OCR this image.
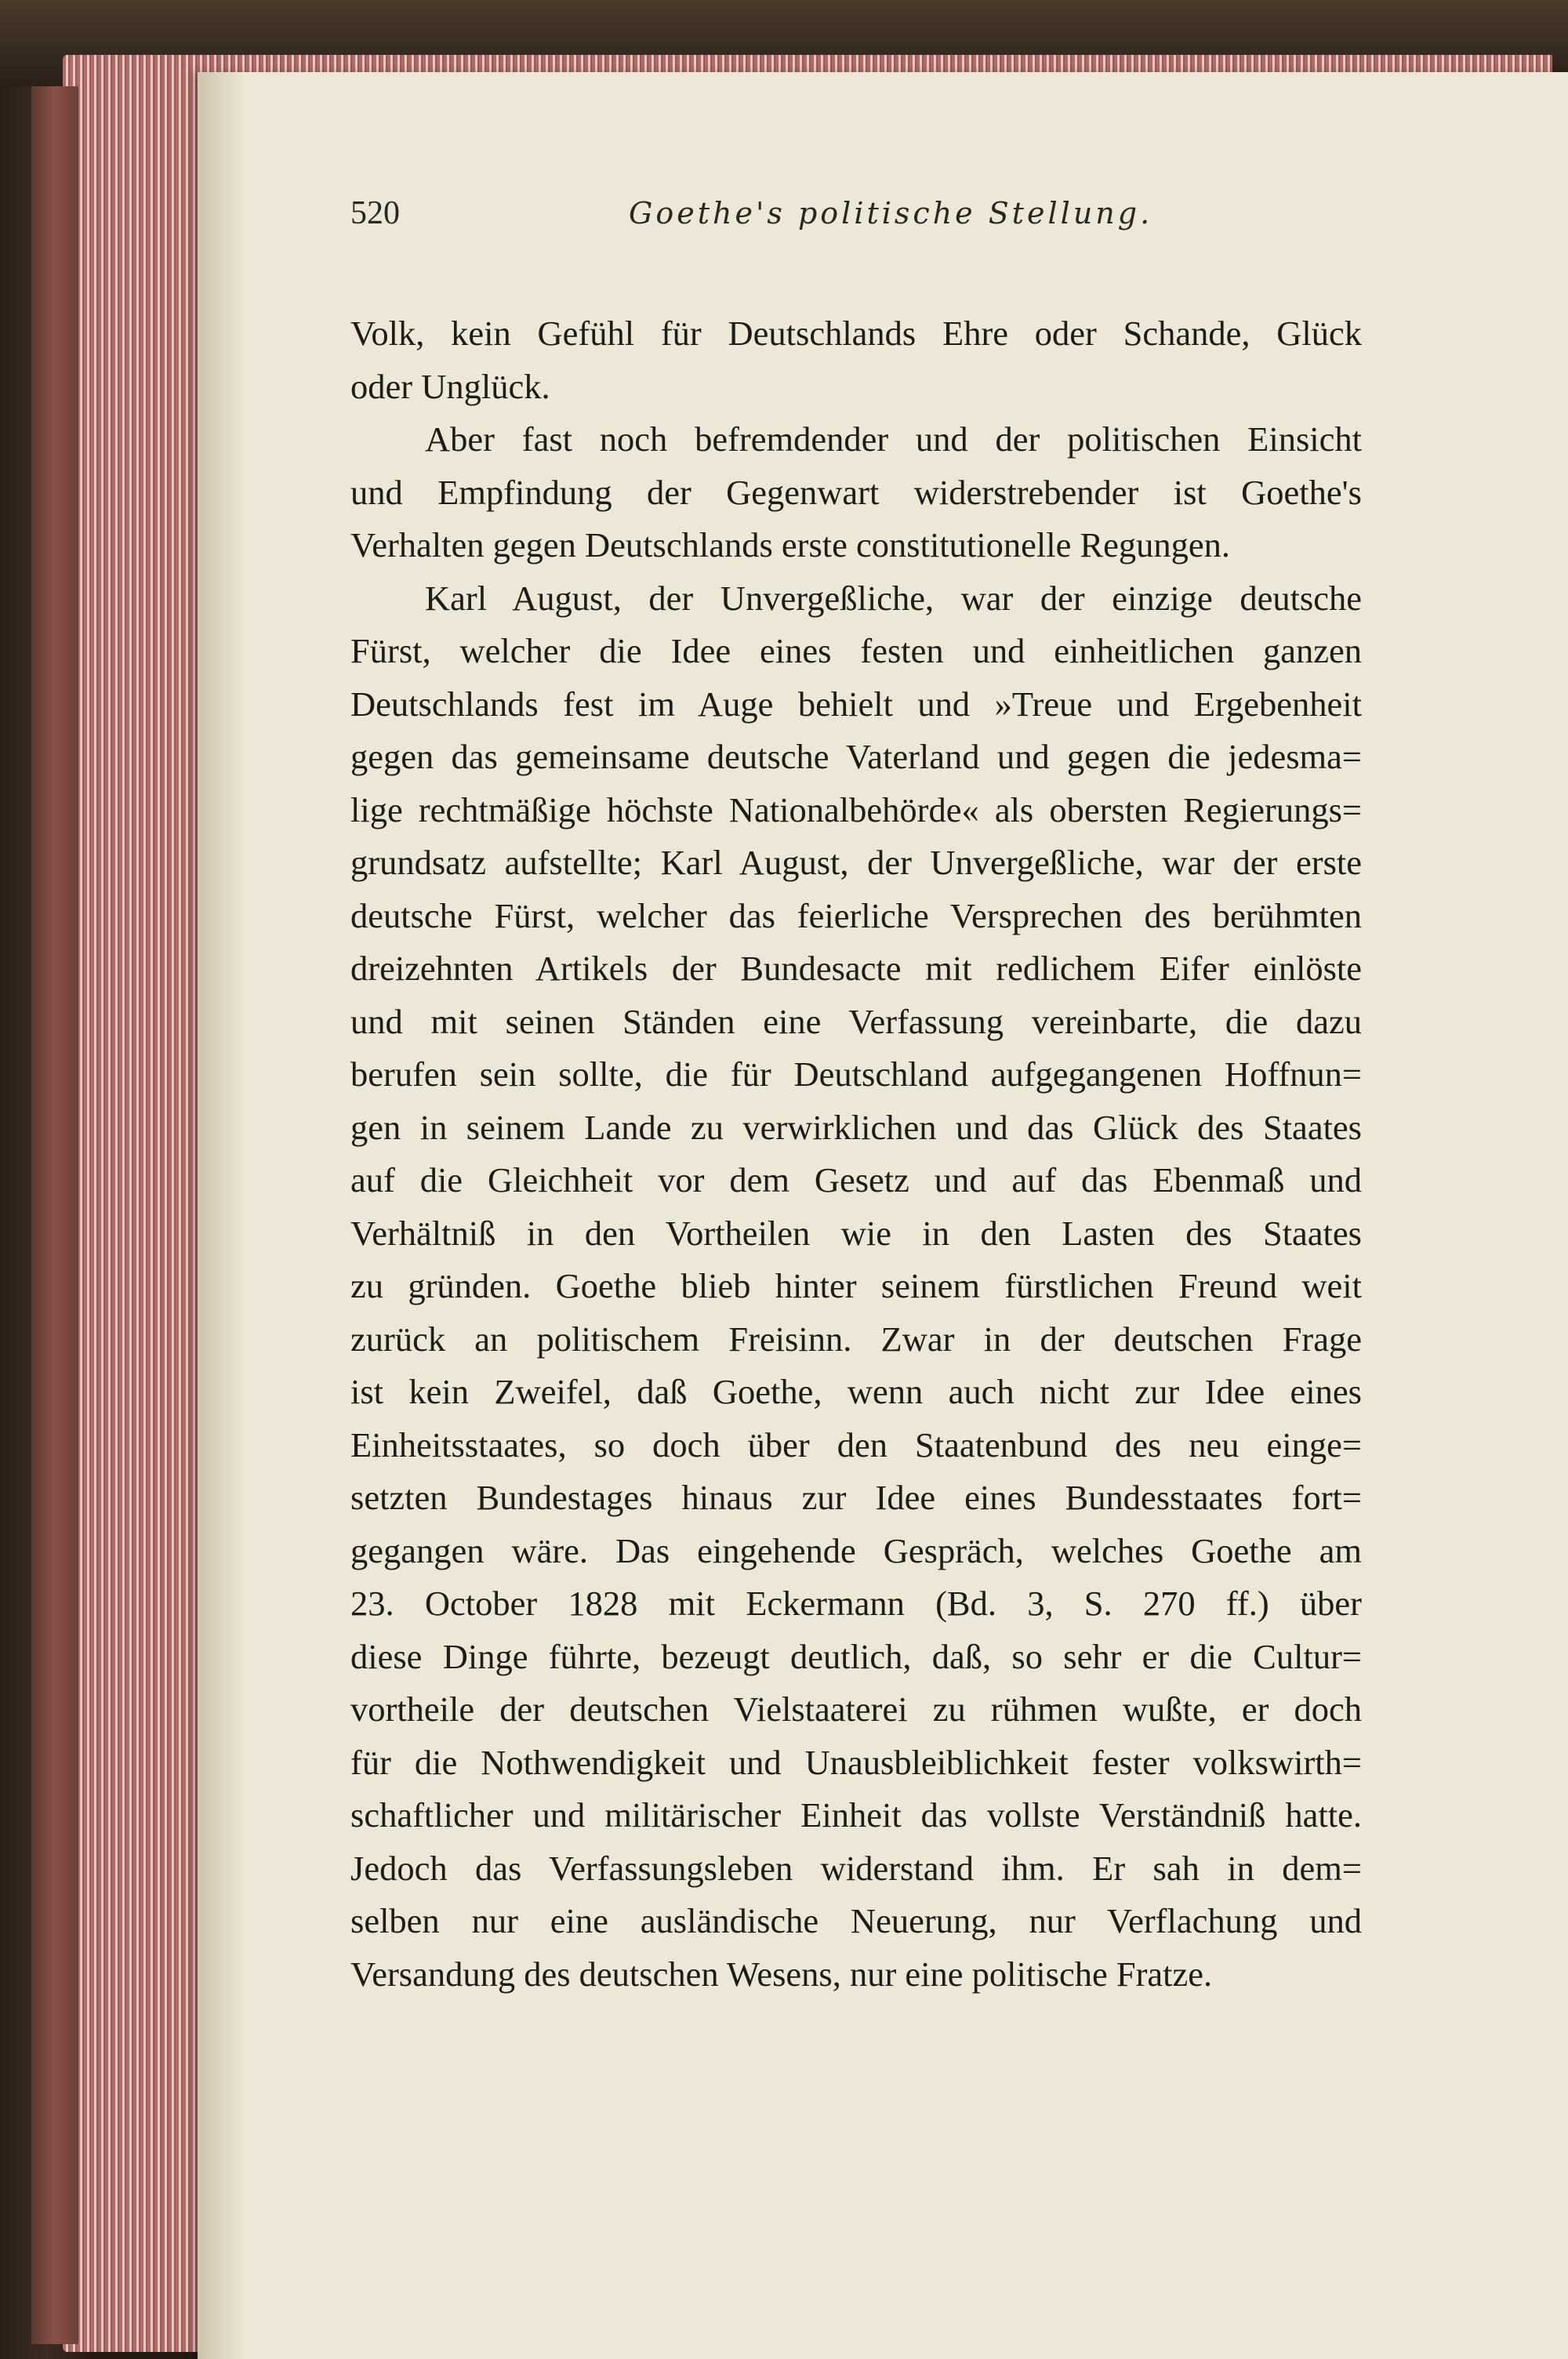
520	Goethe's politische Stellung.
Volk, kein Gefühl für Deutschlands Ehre oder Schande, Glück
oder Unglück.
Aber fast noch befremdender und der politischen Einsicht
und Empfindung der Gegenwart widerstrebender ist Goethe's
Verhalten gegen Deutschlands erste constitutionelle Regungen.
Karl August, der Unvergeßliche, war der einzige deutsche
Fürst, welcher die Idee eines festen und einheitlichen ganzen
Deutschlands fest im Auge behielt und »Treue und Ergebenheit
gegen das gemeinsame deutsche Vaterland und gegen die jedesma=
lige rechtmäßige höchste Nationalbehörde« als obersten Regierungs=
grundsatz aufstellte; Karl August, der Unvergeßliche, war der erste
deutsche Fürst, welcher das feierliche Versprechen des berühmten
dreizehnten Artikels der Bundesacte mit redlichem Eifer einlöste
und mit seinen Ständen eine Verfassung vereinbarte, die dazu
berufen sein sollte, die für Deutschland aufgegangenen Hoffnun=
gen in seinem Lande zu verwirklichen und das Glück des Staates
auf die Gleichheit vor dem Gesetz und auf das Ebenmaß und
Verhältniß in den Vortheilen wie in den Lasten des Staates
zu gründen. Goethe blieb hinter seinem fürstlichen Freund weit
zurück an politischem Freisinn. Zwar in der deutschen Frage
ist kein Zweifel, daß Goethe, wenn auch nicht zur Idee eines
Einheitsstaates, so doch über den Staatenbund des neu einge=
setzten Bundestages hinaus zur Idee eines Bundesstaates fort=
gegangen wäre. Das eingehende Gespräch, welches Goethe am
23. October 1828 mit Eckermann (Bd. 3, S. 270 ff.) über
diese Dinge führte, bezeugt deutlich, daß, so sehr er die Cultur=
vortheile der deutschen Vielstaaterei zu rühmen wußte, er doch
für die Nothwendigkeit und Unausbleiblichkeit fester volkswirth=
schaftlicher und militärischer Einheit das vollste Verständniß hatte.
Jedoch das Verfassungsleben widerstand ihm. Er sah in dem=
selben nur eine ausländische Neuerung, nur Verflachung und
Versandung des deutschen Wesens, nur eine politische Fratze.
